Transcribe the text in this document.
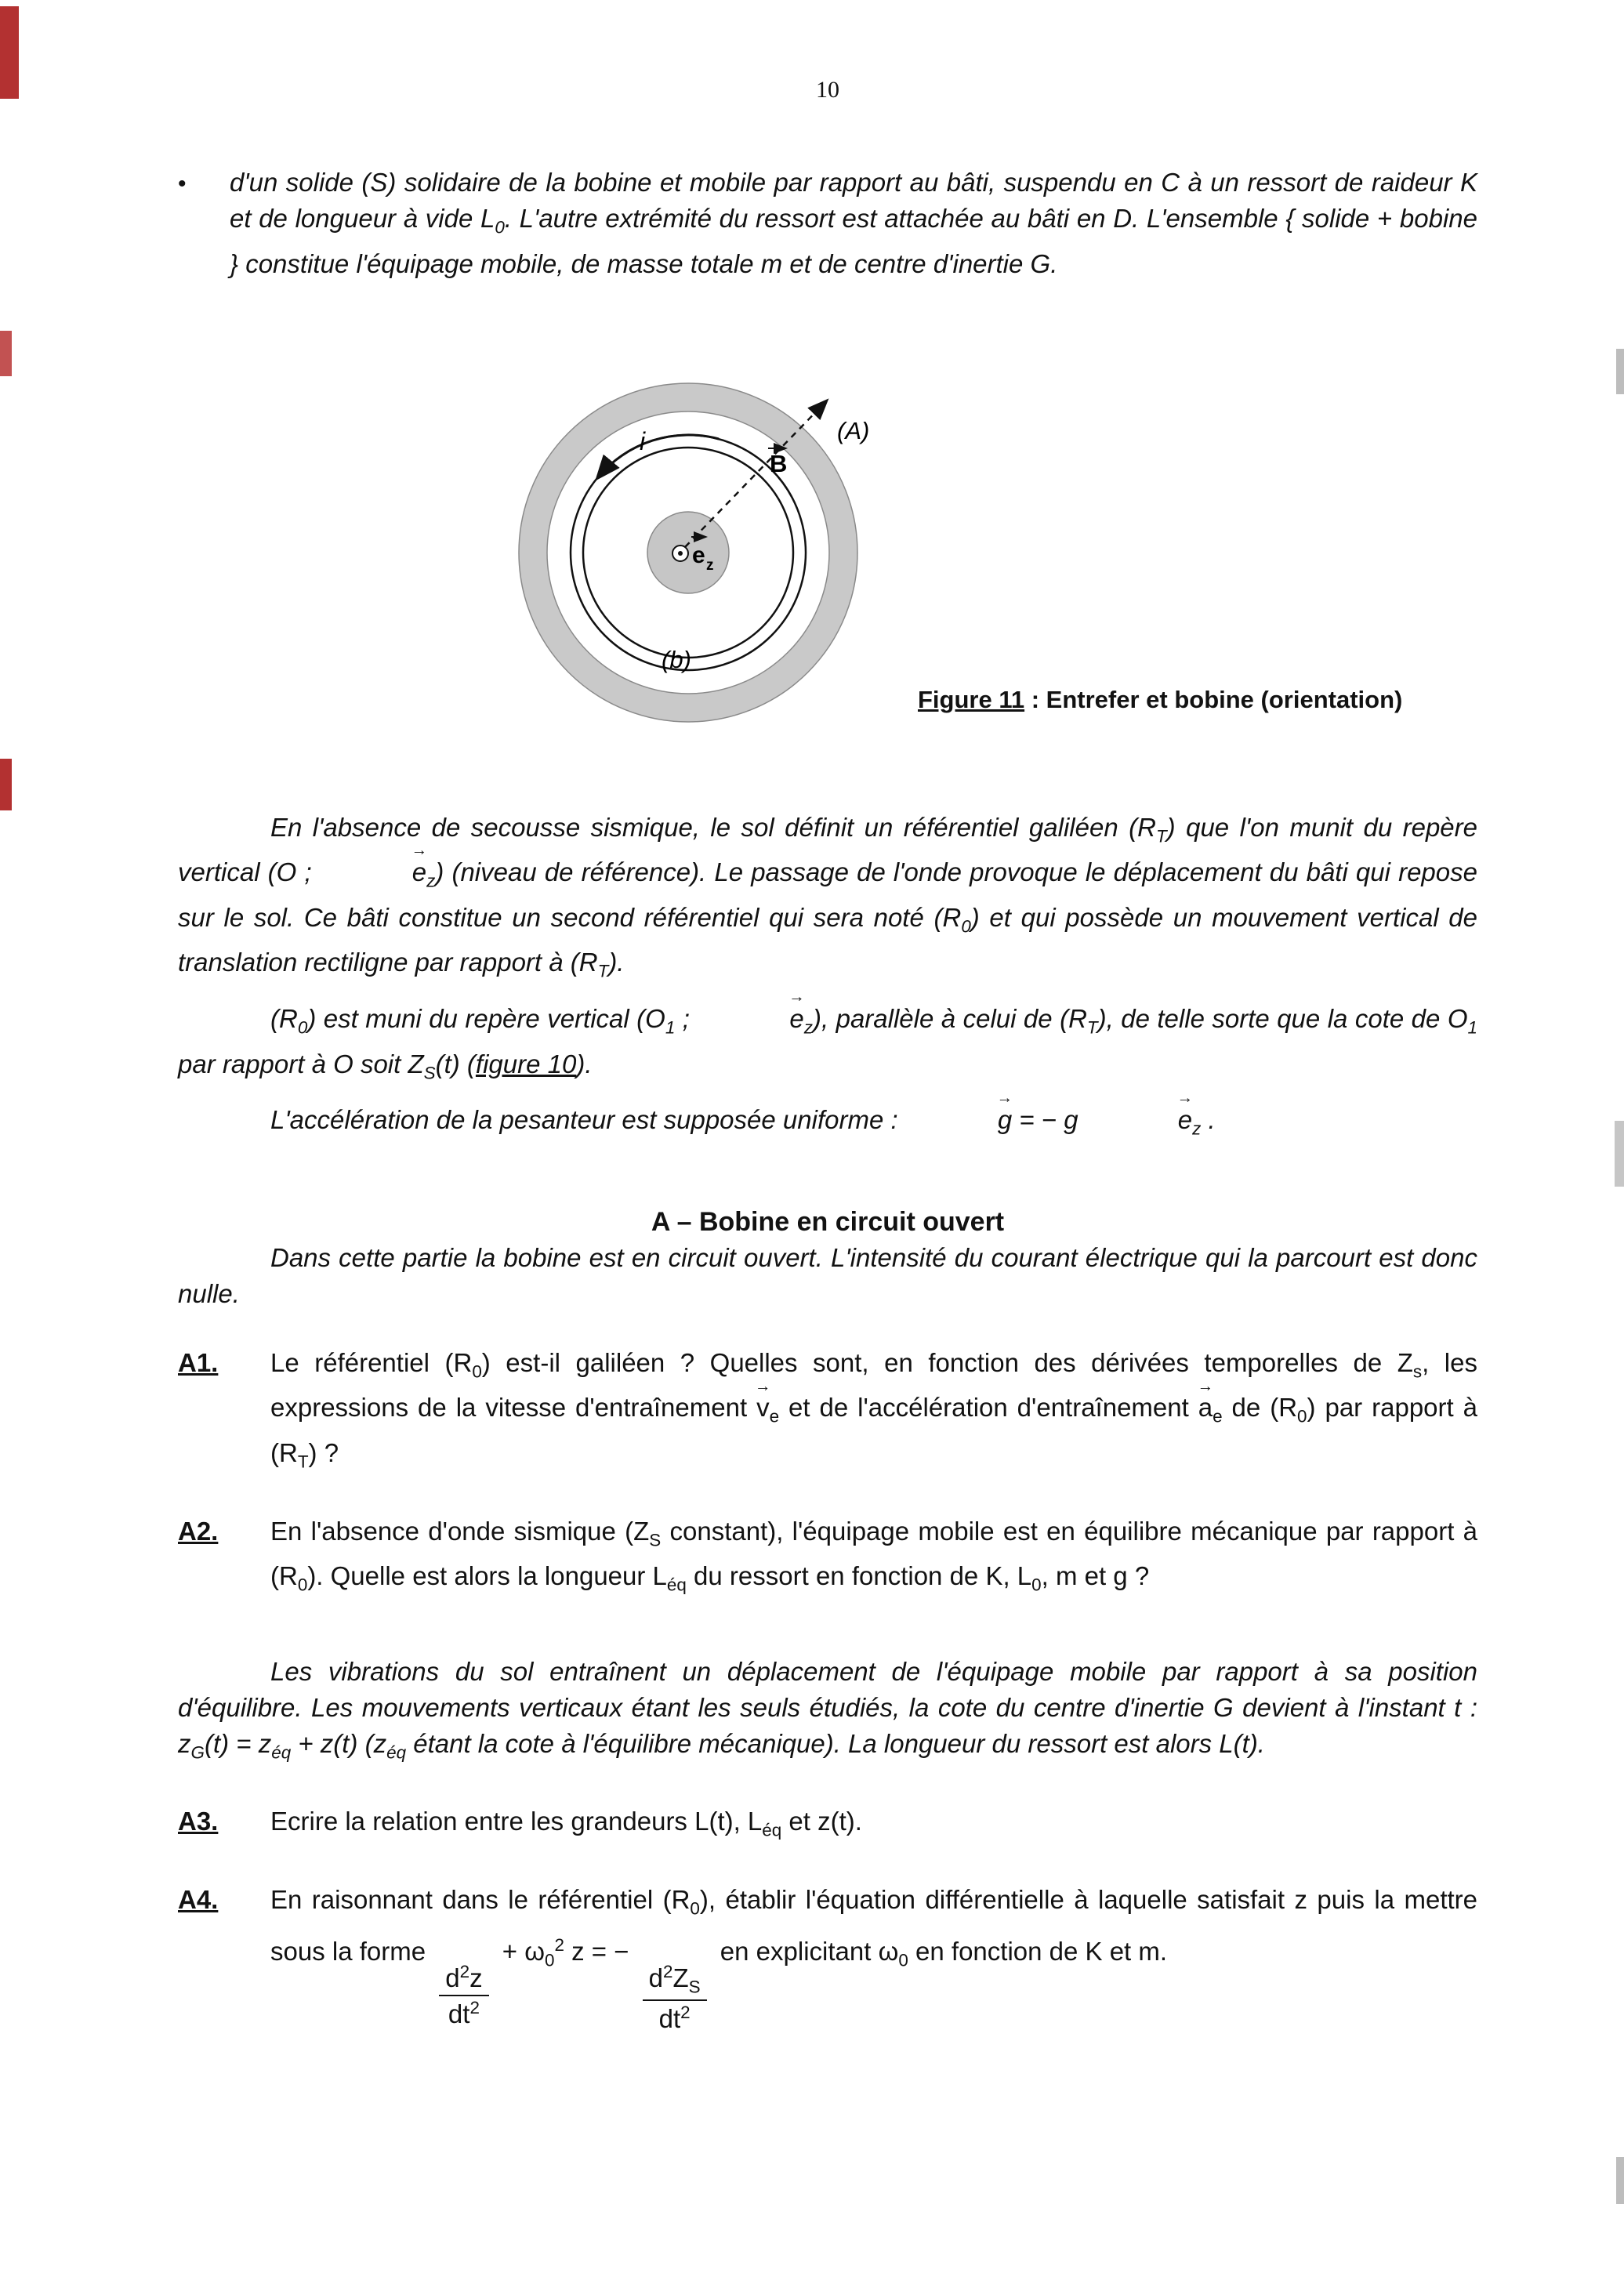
10
•	d'un solide (S) solidaire de la bobine et mobile par rapport au bâti, suspendu en C à un ressort de raideur K et de longueur à vide $L_0$. L'autre extrémité du ressort est attachée au bâti en D. L'ensemble { solide + bobine } constitue l'équipage mobile, de masse totale m et de centre d'inertie G.

e z
i
B
(A)
(b)
Figure 11 : Entrefer et bobine (orientation)

En l'absence de secousse sismique, le sol définit un référentiel galiléen $(R_T)$ que l'on munit du repère vertical (O ;	→ $e_z$) (niveau de référence). Le passage de l'onde provoque le déplacement du bâti qui repose sur le sol. Ce bâti constitue un second référentiel qui sera noté $(R_0)$ et qui possède un mouvement vertical de translation rectiligne par rapport à $(R_T)$.

$(R_0)$ est muni du repère vertical ($O_1$ ;	→ $e_z$), parallèle à celui de $(R_T)$, de telle sorte que la cote de $O_1$ par rapport à O soit $Z_S(t)$ (figure 10).

L'accélération de la pesanteur est supposée uniforme :	→ g = − g	→ $e_z$ .

A – Bobine en circuit ouvert

Dans cette partie la bobine est en circuit ouvert. L'intensité du courant électrique qui la parcourt est donc nulle.

A1.	Le référentiel $(R_0)$ est-il galiléen ? Quelles sont, en fonction des dérivées temporelles de $Z_s$, les expressions de la vitesse d'entraînement → $v_e$ et de l'accélération d'entraînement → $a_e$ de $(R_0)$ par rapport à $(R_T)$ ?

A2.	En l'absence d'onde sismique ($Z_S$ constant), l'équipage mobile est en équilibre mécanique par rapport à $(R_0)$. Quelle est alors la longueur $L_{éq}$ du ressort en fonction de K, $L_0$, m et g ?

Les vibrations du sol entraînent un déplacement de l'équipage mobile par rapport à sa position d'équilibre. Les mouvements verticaux étant les seuls étudiés, la cote du centre d'inertie G devient à l'instant t : $z_G(t) = z_{éq} + z(t)$ ($z_{éq}$ étant la cote à l'équilibre mécanique). La longueur du ressort est alors L(t).

A3.	Ecrire la relation entre les grandeurs L(t), $L_{éq}$ et z(t).

A4.	En raisonnant dans le référentiel $(R_0)$, établir l'équation différentielle à laquelle satisfait z puis la mettre sous la forme
$\frac{d^2z}{dt^2}$
+ $\omega_0^2$ z = −
$\frac{d^2Z_S}{dt^2}$
en explicitant $\omega_0$ en fonction de K et m.
